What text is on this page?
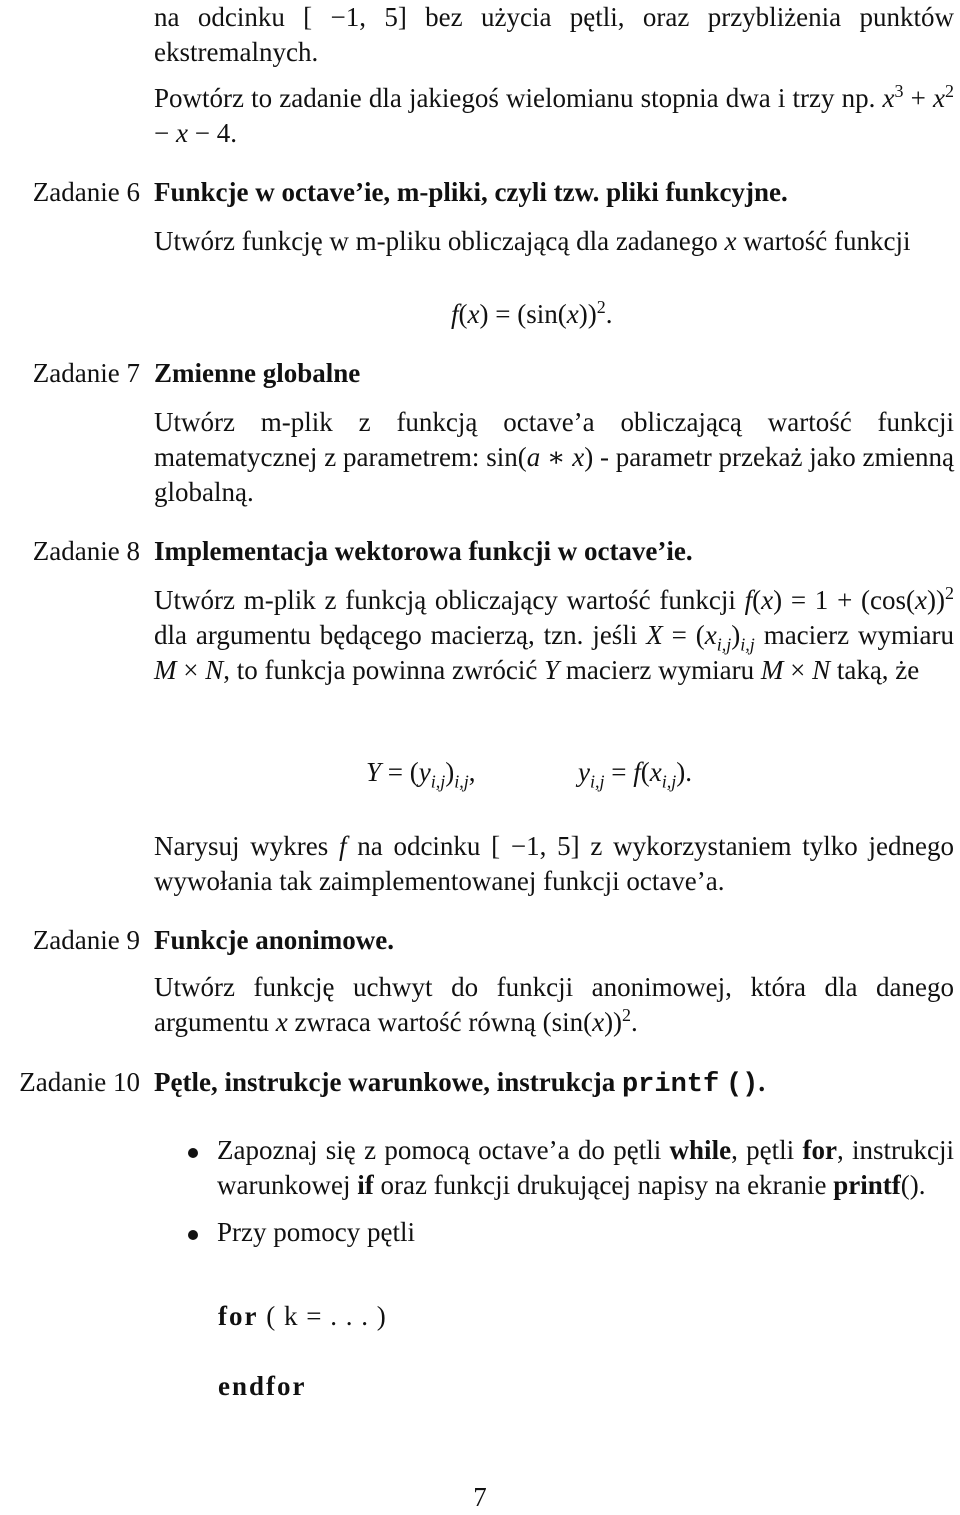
na odcinku [ −1, 5] bez użycia pętli, oraz przybliżenia punktów ekstremalnych.

Powtórz to zadanie dla jakiegoś wielomianu stopnia dwa i trzy np. $x^3 + x^2 - x - 4$.

Zadanie 6 Funkcje w octave’ie, m-pliki, czyli tzw. pliki funkcyjne.

Utwórz funkcję w m-pliku obliczającą dla zadanego x wartość funkcji

$f(x) = (\sin(x))^2$.

Zadanie 7 Zmienne globalne

Utwórz m-plik z funkcją octave’a obliczającą wartość funkcji matematycznej z parametrem: sin(a ∗ x) - parametr przekaż jako zmienną globalną.

Zadanie 8 Implementacja wektorowa funkcji w octave’ie.

Utwórz m-plik z funkcją obliczający wartość funkcji $f(x) = 1 + (\cos(x))^2$ dla argumentu będącego macierzą, tzn. jeśli $X = (x_{i,j})_{i,j}$ macierz wymiaru M × N, to funkcja powinna zwrócić Y macierz wymiaru M × N taką, że

$Y = (y_{i,j})_{i,j}$,	$y_{i,j} = f(x_{i,j})$.

Narysuj wykres f na odcinku [ −1, 5] z wykorzystaniem tylko jednego wywołania tak zaimplementowanej funkcji octave’a.

Zadanie 9 Funkcje anonimowe.

Utwórz funkcję uchwyt do funkcji anonimowej, która dla danego argumentu x zwraca wartość równą $(\sin(x))^2$.

Zadanie 10 Pętle, instrukcje warunkowe, instrukcja printf ().

Zapoznaj się z pomocą octave’a do pętli while, pętli for, instrukcji warunkowej if oraz funkcji drukującej napisy na ekranie printf().
Przy pomocy pętli

for ( k = . . . )

endfor

7
